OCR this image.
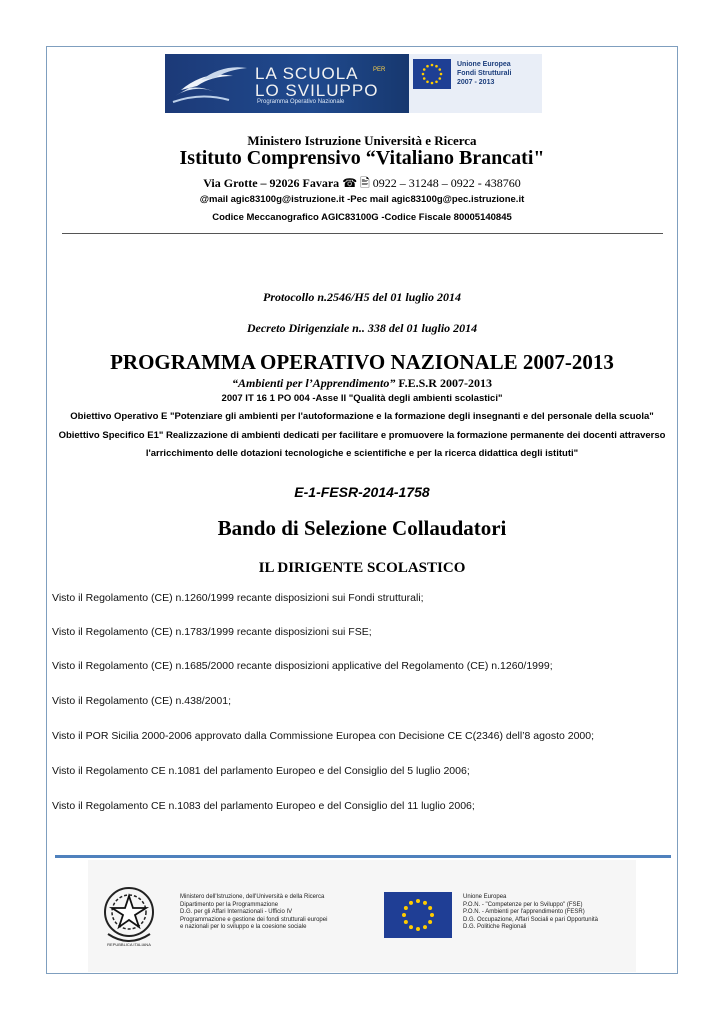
LA SCUOLA PER
LO SVILUPPO
Programma Operativo Nazionale
Unione Europea
Fondi Strutturali
2007 - 2013
Ministero Istruzione Università e Ricerca
Istituto Comprensivo “Vitaliano Brancati"
Via Grotte – 92026 Favara ☎ 🖹 0922 – 31248 – 0922 - 438760
@mail agic83100g@istruzione.it -Pec mail agic83100g@pec.istruzione.it
Codice Meccanografico AGIC83100G -Codice Fiscale 80005140845
Protocollo n.2546/H5 del 01 luglio 2014
Decreto Dirigenziale n.. 338 del 01 luglio 2014
PROGRAMMA OPERATIVO NAZIONALE 2007-2013
“Ambienti per l’Apprendimento” F.E.S.R 2007-2013
2007 IT 16 1 PO 004 -Asse II "Qualità degli ambienti scolastici"
Obiettivo Operativo E "Potenziare gli ambienti per l'autoformazione e la formazione degli insegnanti e del personale della scuola"
Obiettivo Specifico E1" Realizzazione di ambienti dedicati per facilitare e promuovere la formazione permanente dei docenti attraverso
l'arricchimento delle dotazioni tecnologiche e scientifiche e per la ricerca didattica degli istituti"
E-1-FESR-2014-1758
Bando di Selezione Collaudatori
IL DIRIGENTE SCOLASTICO
Visto il Regolamento (CE) n.1260/1999 recante disposizioni sui Fondi strutturali;
Visto il Regolamento (CE) n.1783/1999 recante disposizioni sui FSE;
Visto il Regolamento (CE) n.1685/2000 recante disposizioni applicative del Regolamento (CE) n.1260/1999;
Visto il Regolamento (CE) n.438/2001;
Visto il POR Sicilia 2000-2006 approvato dalla Commissione Europea con Decisione CE C(2346) dell’8 agosto 2000;
Visto il Regolamento CE n.1081 del parlamento Europeo e del Consiglio del 5 luglio 2006;
Visto il Regolamento CE n.1083 del parlamento Europeo e del Consiglio del 11 luglio 2006;
REPUBBLICA ITALIANA
Ministero dell'Istruzione, dell'Università e della Ricerca
Dipartimento per la Programmazione
D.G. per gli Affari Internazionali - Ufficio IV
Programmazione e gestione dei fondi strutturali europei
e nazionali per lo sviluppo e la coesione sociale
Unione Europea
P.O.N. - "Competenze per lo Sviluppo" (FSE)
P.O.N. - Ambienti per l'apprendimento (FESR)
D.G. Occupazione, Affari Sociali e pari Opportunità
D.G. Politiche Regionali
